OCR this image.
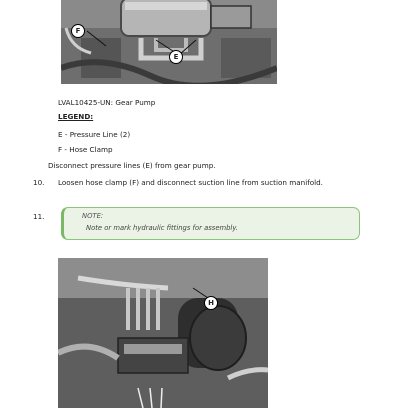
F
E
LVAL10425-UN: Gear Pump
LEGEND:
E - Pressure Line (2)
F - Hose Clamp
Disconnect pressure lines (E) from gear pump.
10. Loosen hose clamp (F) and disconnect suction line from suction manifold.
11.	NOTE:
Note or mark hydraulic fittings for assembly.
H
